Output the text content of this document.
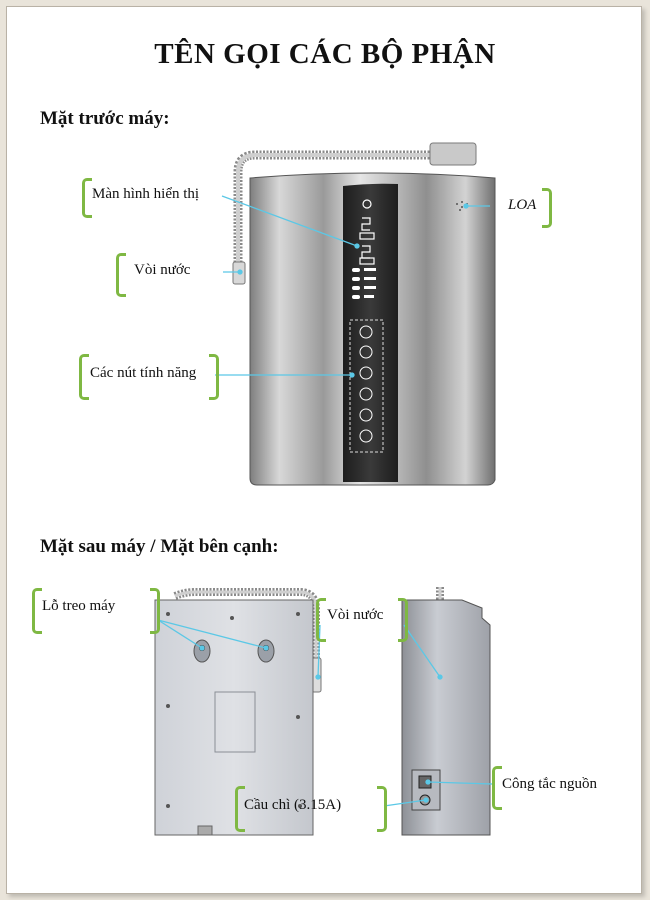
TÊN GỌI CÁC BỘ PHẬN
Mặt trước máy:
Mặt sau máy / Mặt bên cạnh:
Màn hình hiển thị
LOA
Vòi nước
Các nút tính năng
Lỗ treo máy
Vòi nước
Công tắc nguồn
Cầu chì (3.15A)
